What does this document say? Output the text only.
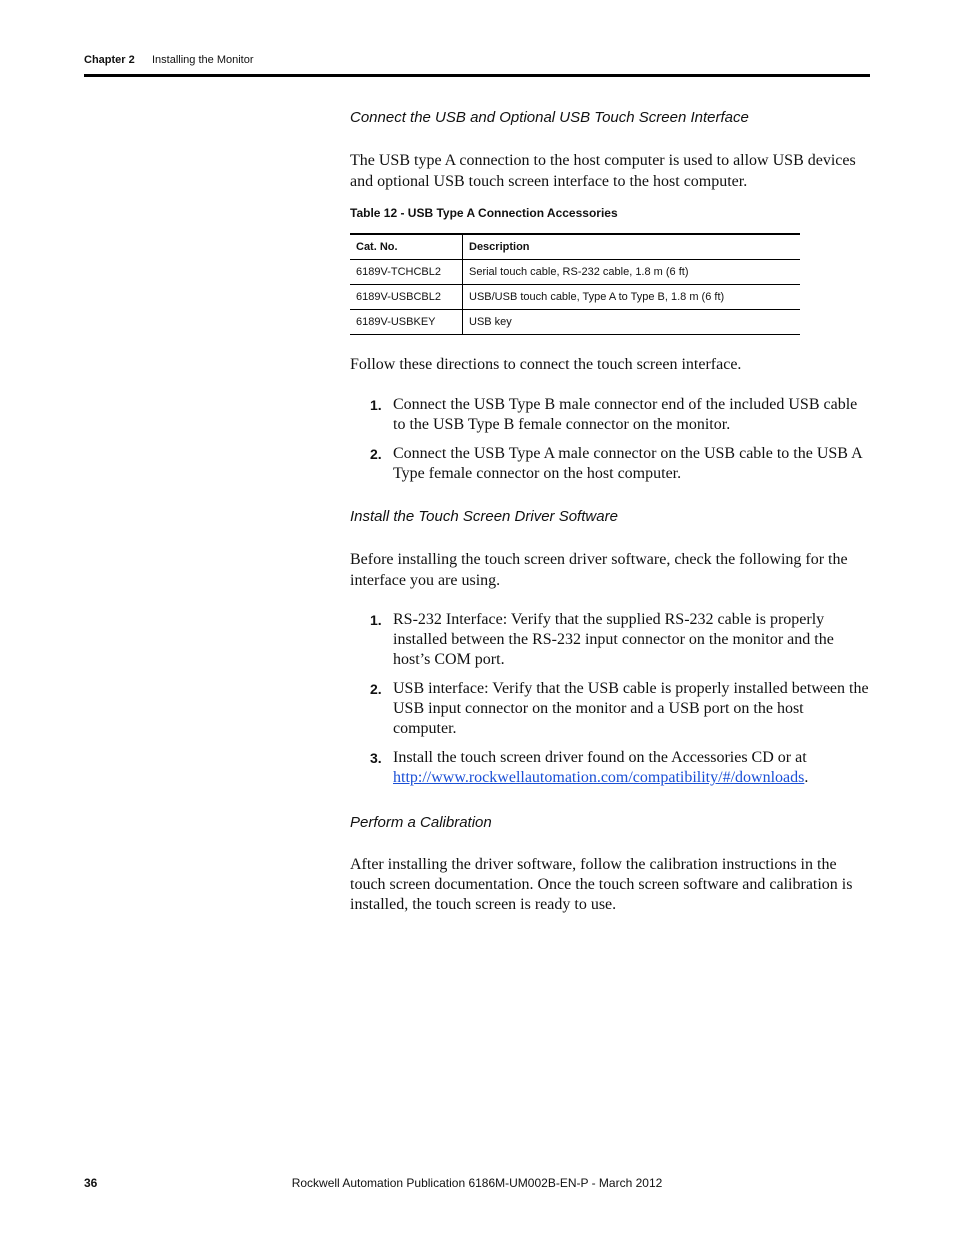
Chapter 2 Installing the Monitor
Connect the USB and Optional USB Touch Screen Interface
The USB type A connection to the host computer is used to allow USB devices and optional USB touch screen interface to the host computer.
Table 12 - USB Type A Connection Accessories
Cat. No.	Description
6189V-TCHCBL2	Serial touch cable, RS-232 cable, 1.8 m (6 ft)
6189V-USBCBL2	USB/USB touch cable, Type A to Type B, 1.8 m (6 ft)
6189V-USBKEY	USB key
Follow these directions to connect the touch screen interface.
1. Connect the USB Type B male connector end of the included USB cable to the USB Type B female connector on the monitor.
2. Connect the USB Type A male connector on the USB cable to the USB A Type female connector on the host computer.
Install the Touch Screen Driver Software
Before installing the touch screen driver software, check the following for the interface you are using.
1. RS-232 Interface: Verify that the supplied RS-232 cable is properly installed between the RS-232 input connector on the monitor and the host’s COM port.
2. USB interface: Verify that the USB cable is properly installed between the USB input connector on the monitor and a USB port on the host computer.
3. Install the touch screen driver found on the Accessories CD or at http://www.rockwellautomation.com/compatibility/#/downloads.
Perform a Calibration
After installing the driver software, follow the calibration instructions in the touch screen documentation. Once the touch screen software and calibration is installed, the touch screen is ready to use.
36	Rockwell Automation Publication 6186M-UM002B-EN-P - March 2012
